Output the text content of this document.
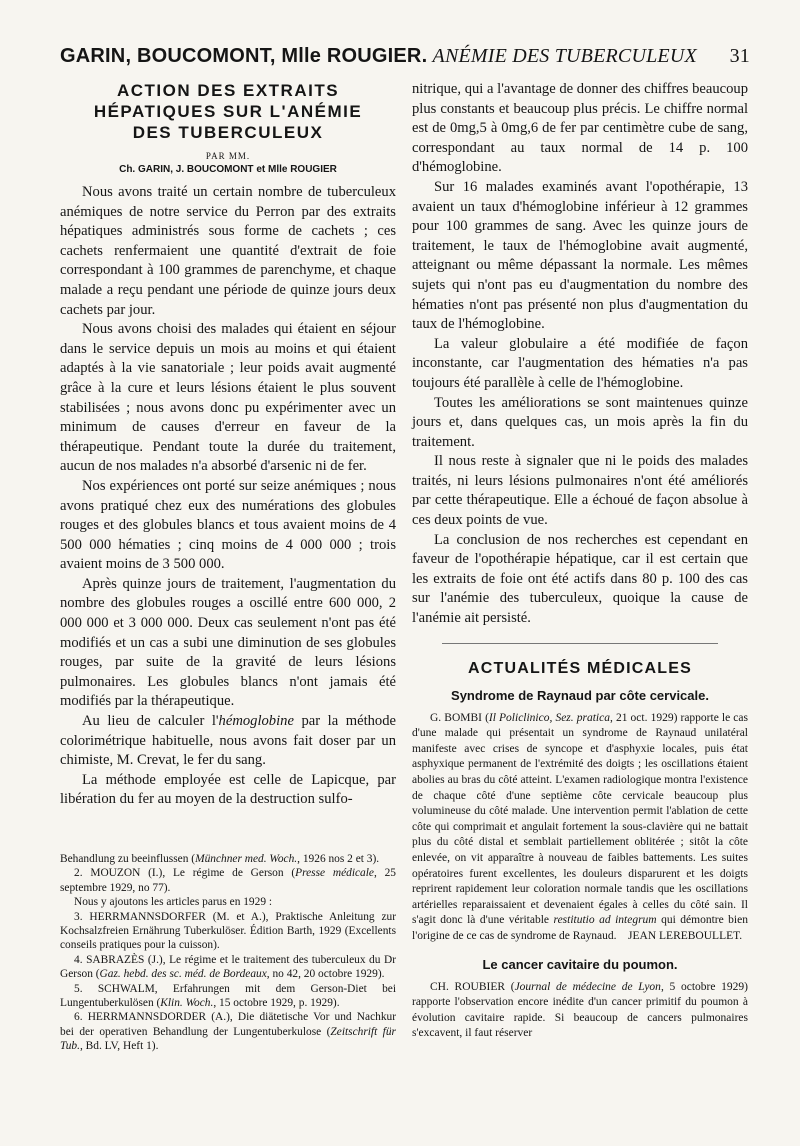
GARIN, BOUCOMONT, Mlle ROUGIER. ANÉMIE DES TUBERCULEUX 31
ACTION DES EXTRAITS
HÉPATIQUES SUR L'ANÉMIE
DES TUBERCULEUX
PAR MM.
Ch. GARIN, J. BOUCOMONT et Mlle ROUGIER

Nous avons traité un certain nombre de tuberculeux anémiques de notre service du Perron par des extraits hépatiques administrés sous forme de cachets ; ces cachets renfermaient une quantité d'extrait de foie correspondant à 100 grammes de parenchyme, et chaque malade a reçu pendant une période de quinze jours deux cachets par jour.

Nous avons choisi des malades qui étaient en séjour dans le service depuis un mois au moins et qui étaient adaptés à la vie sanatoriale ; leur poids avait augmenté grâce à la cure et leurs lésions étaient le plus souvent stabilisées ; nous avons donc pu expérimenter avec un minimum de causes d'erreur en faveur de la thérapeutique. Pendant toute la durée du traitement, aucun de nos malades n'a absorbé d'arsenic ni de fer.

Nos expériences ont porté sur seize anémiques ; nous avons pratiqué chez eux des numérations des globules rouges et des globules blancs et tous avaient moins de 4 500 000 hématies ; cinq moins de 4 000 000 ; trois avaient moins de 3 500 000.

Après quinze jours de traitement, l'augmentation du nombre des globules rouges a oscillé entre 600 000, 2 000 000 et 3 000 000. Deux cas seulement n'ont pas été modifiés et un cas a subi une diminution de ses globules rouges, par suite de la gravité de leurs lésions pulmonaires. Les globules blancs n'ont jamais été modifiés par la thérapeutique.

Au lieu de calculer l'hémoglobine par la méthode colorimétrique habituelle, nous avons fait doser par un chimiste, M. Crevat, le fer du sang.

La méthode employée est celle de Lapicque, par libération du fer au moyen de la destruction sulfo-

Behandlung zu beeinflussen (Münchner med. Woch., 1926 nos 2 et 3).

2. MOUZON (I.), Le régime de Gerson (Presse médicale, 25 septembre 1929, no 77).

Nous y ajoutons les articles parus en 1929 :

3. HERRMANNSDORFER (M. et A.), Praktische Anleitung zur Kochsalzfreien Ernährung Tuberkulöser. Édition Barth, 1929 (Excellents conseils pratiques pour la cuisson).

4. SABRAZÈS (J.), Le régime et le traitement des tuberculeux du Dr Gerson (Gaz. hebd. des sc. méd. de Bordeaux, no 42, 20 octobre 1929).

5. SCHWALM, Erfahrungen mit dem Gerson-Diet bei Lungentuberkulösen (Klin. Woch., 15 octobre 1929, p. 1929).

6. HERRMANNSDORDER (A.), Die diätetische Vor und Nachkur bei der operativen Behandlung der Lungentuberkulose (Zeitschrift für Tub., Bd. LV, Heft 1).

nitrique, qui a l'avantage de donner des chiffres beaucoup plus constants et beaucoup plus précis. Le chiffre normal est de 0mg,5 à 0mg,6 de fer par centimètre cube de sang, correspondant au taux normal de 14 p. 100 d'hémoglobine.

Sur 16 malades examinés avant l'opothérapie, 13 avaient un taux d'hémoglobine inférieur à 12 grammes pour 100 grammes de sang. Avec les quinze jours de traitement, le taux de l'hémoglobine avait augmenté, atteignant ou même dépassant la normale. Les mêmes sujets qui n'ont pas eu d'augmentation du nombre des hématies n'ont pas présenté non plus d'augmentation du taux de l'hémoglobine.

La valeur globulaire a été modifiée de façon inconstante, car l'augmentation des hématies n'a pas toujours été parallèle à celle de l'hémoglobine.

Toutes les améliorations se sont maintenues quinze jours et, dans quelques cas, un mois après la fin du traitement.

Il nous reste à signaler que ni le poids des malades traités, ni leurs lésions pulmonaires n'ont été améliorés par cette thérapeutique. Elle a échoué de façon absolue à ces deux points de vue.

La conclusion de nos recherches est cependant en faveur de l'opothérapie hépatique, car il est certain que les extraits de foie ont été actifs dans 80 p. 100 des cas sur l'anémie des tuberculeux, quoique la cause de l'anémie ait persisté.

ACTUALITÉS MÉDICALES
Syndrome de Raynaud par côte cervicale.

G. BOMBI (Il Policlinico, Sez. pratica, 21 oct. 1929) rapporte le cas d'une malade qui présentait un syndrome de Raynaud unilatéral manifeste avec crises de syncope et d'asphyxie locales, puis état asphyxique permanent de l'extrémité des doigts ; les oscillations étaient abolies au bras du côté atteint. L'examen radiologique montra l'existence de chaque côté d'une septième côte cervicale beaucoup plus volumineuse du côté malade. Une intervention permit l'ablation de cette côte qui comprimait et angulait fortement la sous-clavière qui ne battait plus du côté distal et semblait partiellement oblitérée ; sitôt la côte enlevée, on vit apparaître à nouveau de faibles battements. Les suites opératoires furent excellentes, les douleurs disparurent et les doigts reprirent rapidement leur coloration normale tandis que les oscillations artérielles reparaissaient et devenaient égales à celles du côté sain. Il s'agit donc là d'une véritable restitutio ad integrum qui démontre bien l'origine de ce cas de syndrome de Raynaud. JEAN LEREBOULLET.

Le cancer cavitaire du poumon.

CH. ROUBIER (Journal de médecine de Lyon, 5 octobre 1929) rapporte l'observation encore inédite d'un cancer primitif du poumon à évolution cavitaire rapide. Si beaucoup de cancers pulmonaires s'excavent, il faut réserver
